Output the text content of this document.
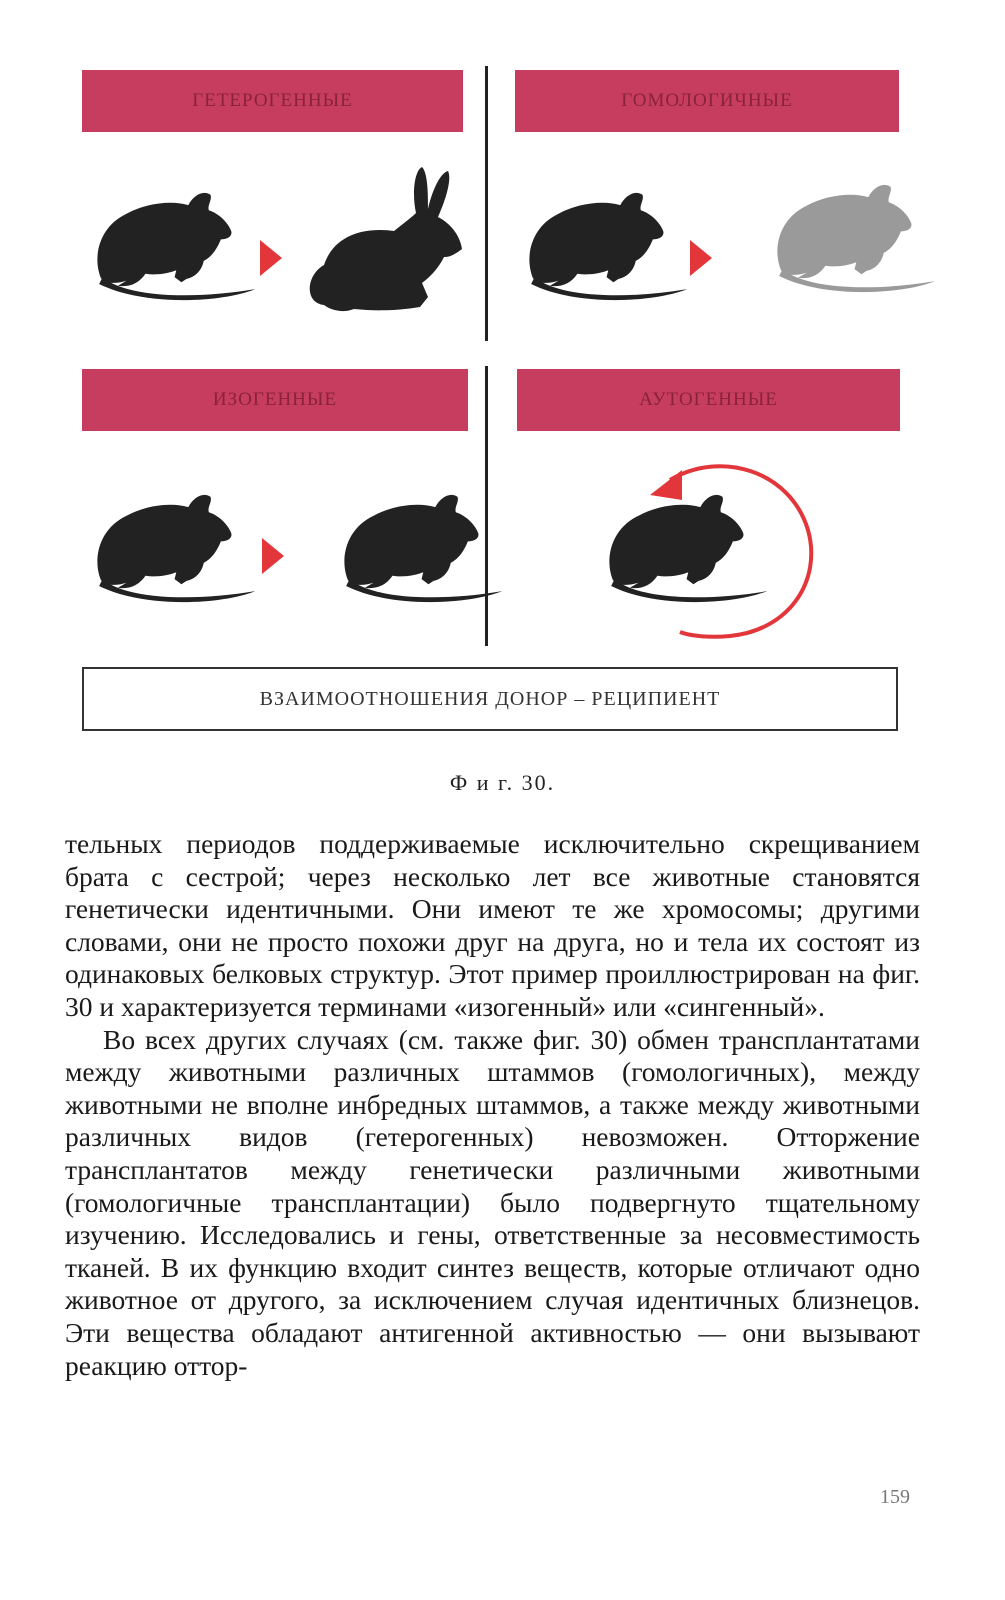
ГЕТЕРОГЕННЫЕ	ГОМОЛОГИЧНЫЕ
ИЗОГЕННЫЕ	АУТОГЕННЫЕ
ВЗАИМООТНОШЕНИЯ ДОНОР – РЕЦИПИЕНТ
Ф и г. 30.

тельных периодов поддерживаемые исключительно скрещиванием брата с сестрой; через несколько лет все животные становятся генетически идентичными. Они имеют те же хромосомы; другими словами, они не просто похожи друг на друга, но и тела их состоят из одинаковых белковых структур. Этот пример проиллюстрирован на фиг. 30 и характеризуется терминами «изогенный» или «сингенный».

Во всех других случаях (см. также фиг. 30) обмен трансплантатами между животными различных штаммов (гомологичных), между животными не вполне инбредных штаммов, а также между животными различных видов (гетерогенных) невозможен. Отторжение трансплантатов между генетически различными животными (гомологичные трансплантации) было подвергнуто тщательному изучению. Исследовались и гены, ответственные за несовместимость тканей. В их функцию входит синтез веществ, которые отличают одно животное от другого, за исключением случая идентичных близнецов. Эти вещества обладают антигенной активностью — они вызывают реакцию оттор-

159
